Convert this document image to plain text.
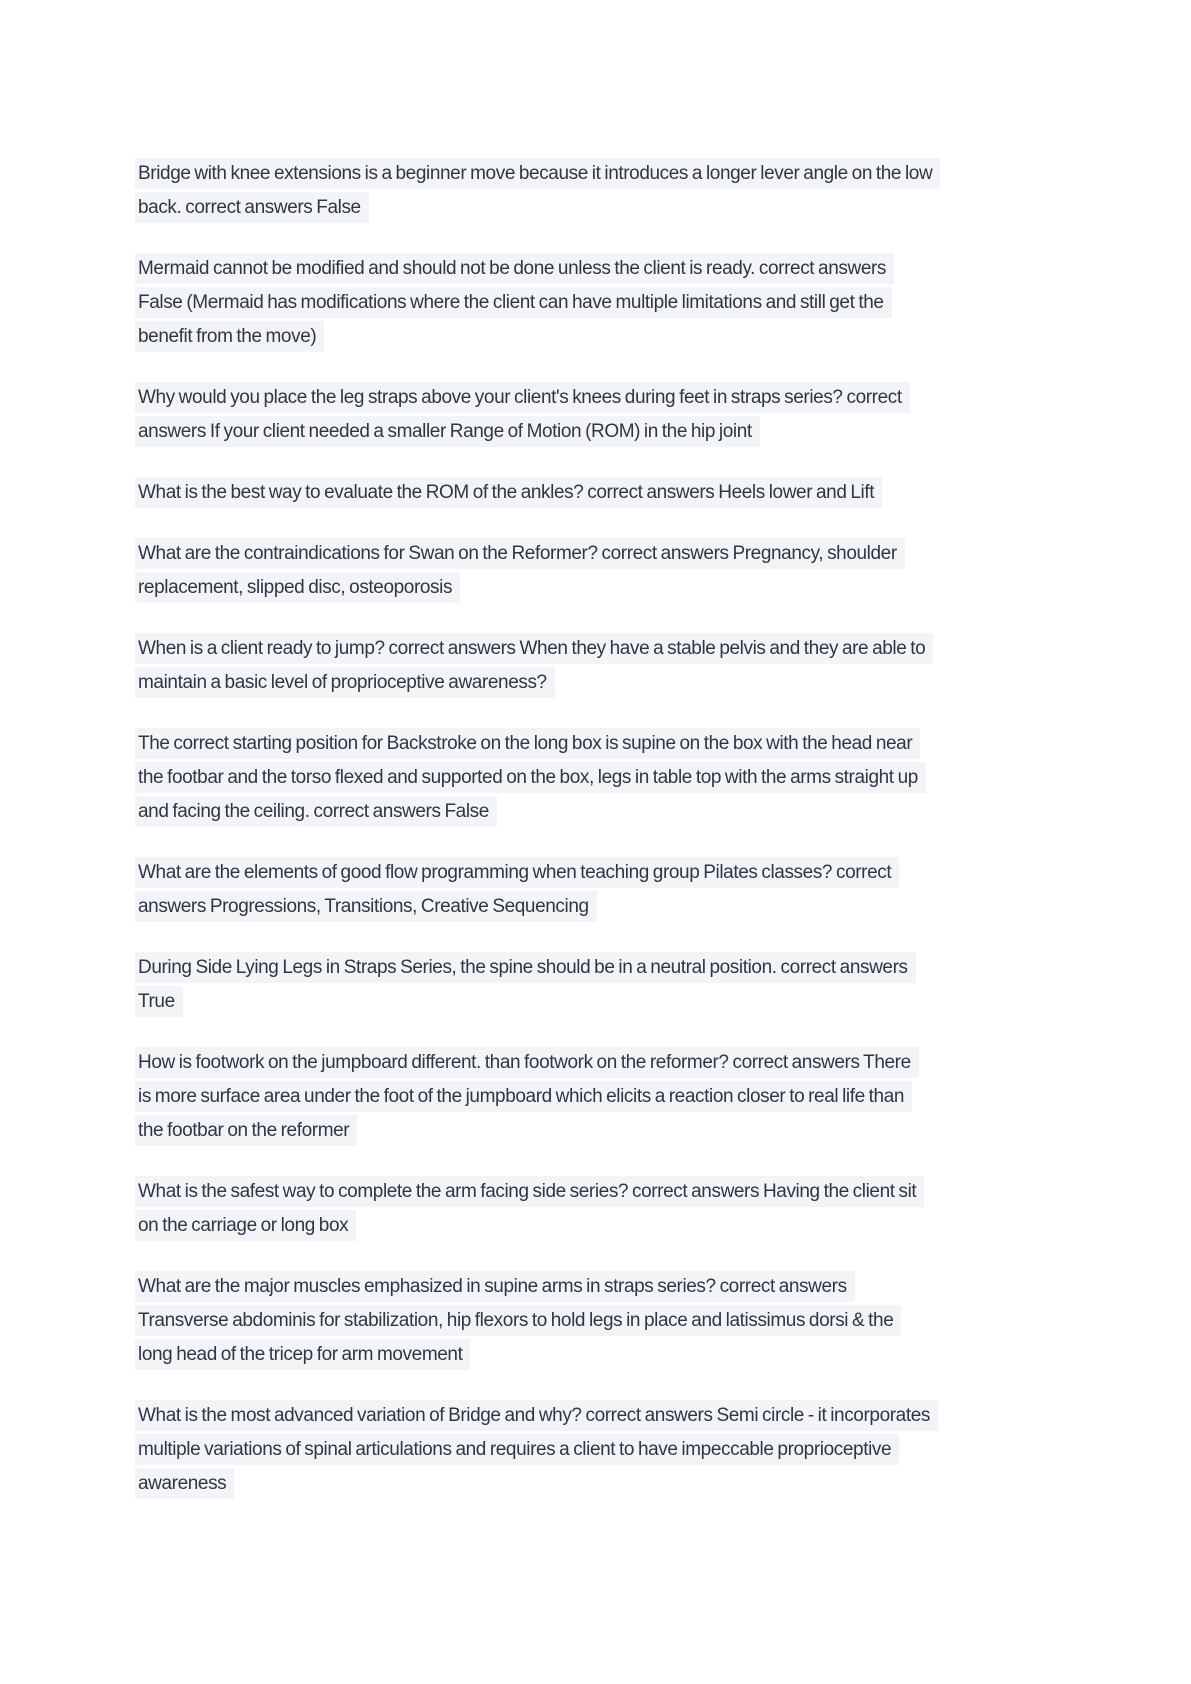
Bridge with knee extensions is a beginner move because it introduces a longer lever angle on the low
back. correct answers False
Mermaid cannot be modified and should not be done unless the client is ready. correct answers
False (Mermaid has modifications where the client can have multiple limitations and still get the
benefit from the move)
Why would you place the leg straps above your client's knees during feet in straps series? correct
answers If your client needed a smaller Range of Motion (ROM) in the hip joint
What is the best way to evaluate the ROM of the ankles? correct answers Heels lower and Lift
What are the contraindications for Swan on the Reformer? correct answers Pregnancy, shoulder
replacement, slipped disc, osteoporosis
When is a client ready to jump? correct answers When they have a stable pelvis and they are able to
maintain a basic level of proprioceptive awareness?
The correct starting position for Backstroke on the long box is supine on the box with the head near
the footbar and the torso flexed and supported on the box, legs in table top with the arms straight up
and facing the ceiling. correct answers False
What are the elements of good flow programming when teaching group Pilates classes? correct
answers Progressions, Transitions, Creative Sequencing
During Side Lying Legs in Straps Series, the spine should be in a neutral position. correct answers
True
How is footwork on the jumpboard different. than footwork on the reformer? correct answers There
is more surface area under the foot of the jumpboard which elicits a reaction closer to real life than
the footbar on the reformer
What is the safest way to complete the arm facing side series? correct answers Having the client sit
on the carriage or long box
What are the major muscles emphasized in supine arms in straps series? correct answers
Transverse abdominis for stabilization, hip flexors to hold legs in place and latissimus dorsi & the
long head of the tricep for arm movement
What is the most advanced variation of Bridge and why? correct answers Semi circle - it incorporates
multiple variations of spinal articulations and requires a client to have impeccable proprioceptive
awareness
